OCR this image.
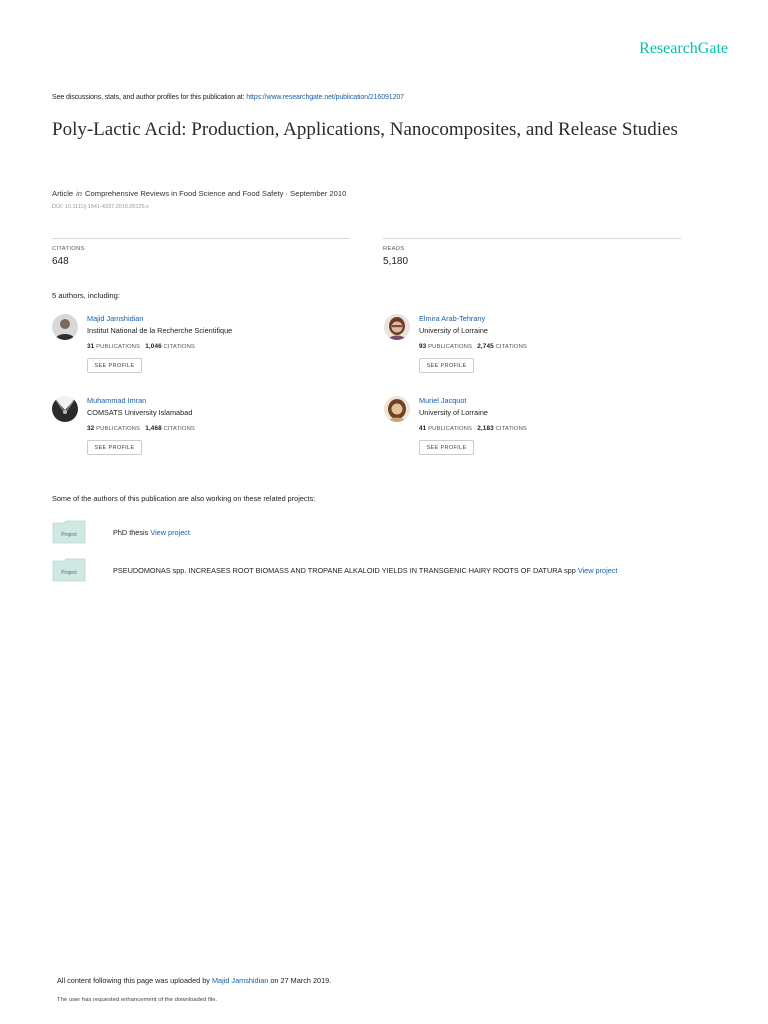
ResearchGate
See discussions, stats, and author profiles for this publication at: https://www.researchgate.net/publication/216091207
Poly-Lactic Acid: Production, Applications, Nanocomposites, and Release Studies
Article in Comprehensive Reviews in Food Science and Food Safety · September 2010
DOI: 10.1111/j.1541-4337.2010.00126.x
CITATIONS
648
READS
5,180
5 authors, including:
Majid Jamshidian
Institut National de la Recherche Scientifique
31 PUBLICATIONS 1,046 CITATIONS
SEE PROFILE
Elmira Arab-Tehrany
University of Lorraine
93 PUBLICATIONS 2,745 CITATIONS
SEE PROFILE
Muhammad Imran
COMSATS University Islamabad
32 PUBLICATIONS 1,468 CITATIONS
SEE PROFILE
Muriel Jacquot
University of Lorraine
41 PUBLICATIONS 2,183 CITATIONS
SEE PROFILE
Some of the authors of this publication are also working on these related projects:
Project	PhD thesis View project
Project	PSEUDOMONAS spp. INCREASES ROOT BIOMASS AND TROPANE ALKALOID YIELDS IN TRANSGENIC HAIRY ROOTS OF DATURA spp View project
All content following this page was uploaded by Majid Jamshidian on 27 March 2019.
The user has requested enhancement of the downloaded file.
